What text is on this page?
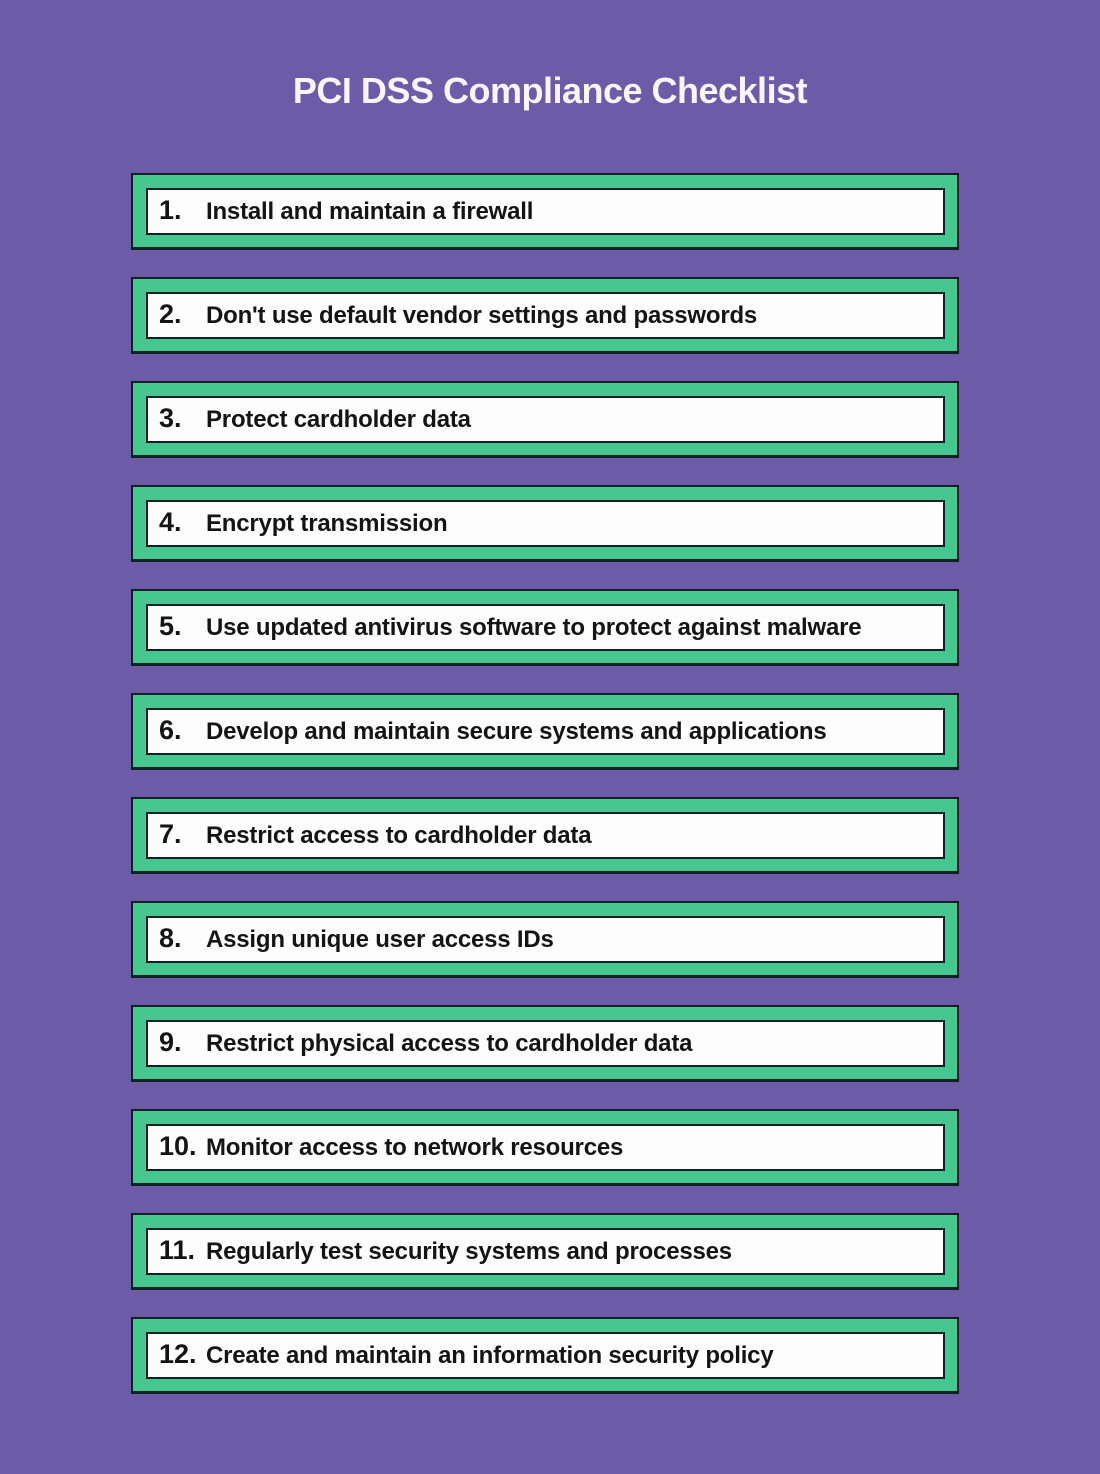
PCI DSS Compliance Checklist
1.	Install and maintain a firewall
2.	Don't use default vendor settings and passwords
3.	Protect cardholder data
4.	Encrypt transmission
5.	Use updated antivirus software to protect against malware
6.	Develop and maintain secure systems and applications
7.	Restrict access to cardholder data
8.	Assign unique user access IDs
9.	Restrict physical access to cardholder data
10. Monitor access to network resources
11. Regularly test security systems and processes
12. Create and maintain an information security policy
